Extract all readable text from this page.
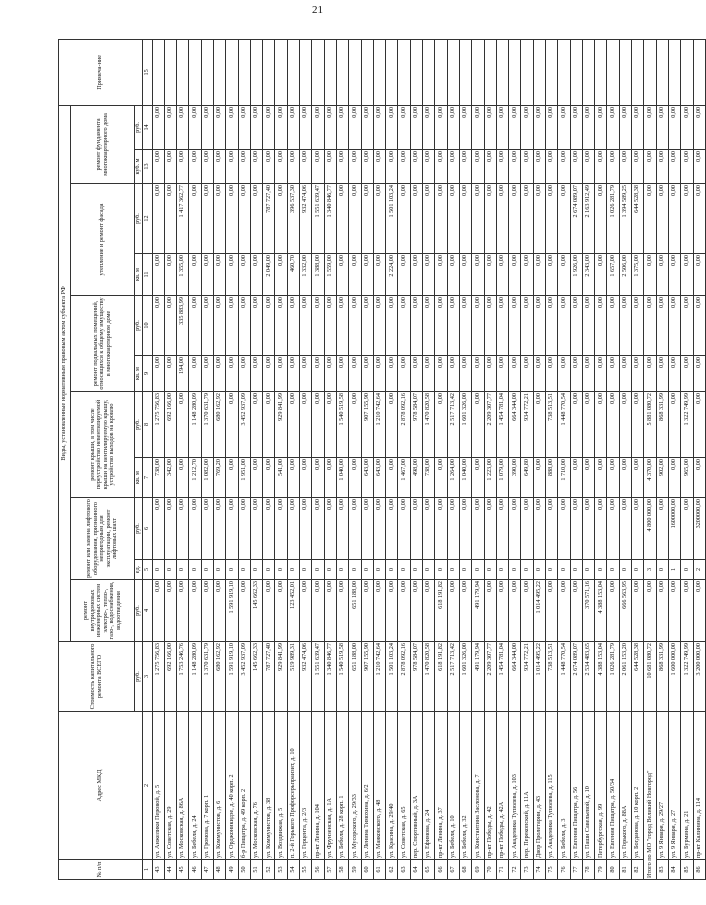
21
№ п/п	Адрес МКД	Стоимость капитального ремонта ВСЕГО	Виды, установленные нормативным правовым актом субъекта РФ											Примеча-ние
			ремонт внутридомовых инженерных систем электро-, тепло-, газо-, водоснабжения, водоотведения	ремонт или замена лифтового оборудования, признанного непригодным для эксплуатации, ремонт лифтовых шахт		ремонт крыши, в том числе переустройство невентилируемой крыши на вентилируемую крышу, устройство выходов на кровлю		ремонт подвальных помещений, относящихся к общему имуществу в многоквартирном доме		утепление и ремонт фасада		ремонт фундамента многоквартирного дома		
		руб.	руб.	ед.	руб.	кв. м	руб.	кв. м	руб.	кв. м	руб.	куб. м	руб.	
1	2	3	4	5	6	7	8	9	10	11	12	13	14	15
43	ул. Анжелики Перовой, д. 5	1 275 756,83	0,00	0	0,00	738,00	1 275 756,83	0,00	0,00	0,00	0,00	0,00	0,00	
44	ул. Советская, д. 29	692 166,00	0,00	0	0,00	342,00	692 166,00	0,00	0,00	0,00	0,00	0,00	0,00	
45	ул. Московская, д. 86А	1 753 246,76	0,00	0	0,00	0,00	0,00	194,00	335 883,99	1 355,00	1 417 362,77	0,00	0,00	
46	ул. Бебеля, д. 24	1 148 280,09	0,00	0	0,00	1 212,70	1 148 280,09	0,00	0,00	0,00	0,00	0,00	0,00	
47	ул. Громова, д. 7 корп. 1	1 370 631,79	0,00	0	0,00	1 082,00	1 370 631,79	0,00	0,00	0,00	0,00	0,00	0,00	
48	ул. Коммунистов, д. 6	680 162,92	0,00	0	0,00	769,20	680 162,92	0,00	0,00	0,00	0,00	0,00	0,00	
49	ул. Орджоникидзе, д. 40 корп. 2	1 591 919,10	1 591 919,10	0	0,00	0,00	0,00	0,00	0,00	0,00	0,00	0,00	0,00	
50	б-р Пищатра, д. 49 корп. 2	3 452 937,09	0,00	0	0,00	1 951,00	3 452 937,09	0,00	0,00	0,00	0,00	0,00	0,00	
51	ул. Московская, д. 76	145 662,33	145 662,33	0	0,00	0,00	0,00	0,00	0,00	0,00	0,00	0,00	0,00	
52	ул. Коммунистов, д. 38	787 727,40	0,00	0	0,00	0,00	0,00	0,00	0,00	2 049,00	787 727,40	0,00	0,00	
53	ул. Воздвижая, д. 5	929 841,99	0,00	0	0,00	541,00	929 841,99	0,00	0,00	0,00	0,00	0,00	0,00	
54	п. 2-й Горького Профорсерьпраизит, д. 10	519 989,31	123 452,01	0	0,00	0,00	0,00	0,00	0,00	460,70	396 537,30	0,00	0,00	
55	ул. Герцента, д. 2/3	932 474,06	0,00	0	0,00	0,00	0,00	0,00	0,00	1 332,00	932 474,06	0,00	0,00	
56	пр-кт Ленина, д. 104	1 551 639,47	0,00	0	0,00	0,00	0,00	0,00	0,00	1 388,00	1 551 639,47	0,00	0,00	
57	ул. Фрунзенская, д. 1А	1 340 846,77	0,00	0	0,00	0,00	0,00	0,00	0,00	1 559,00	1 340 846,77	0,00	0,00	
58	ул. Бебеля, д. 28 корп. 1	1 540 519,58	0,00	0	0,00	1 040,00	1 540 519,58	0,00	0,00	0,00	0,00	0,00	0,00	
59	ул. Мусорского, д. 29/33	651 188,00	651 188,00	0	0,00	0,00	0,00	0,00	0,00	0,00	0,00	0,00	0,00	
60	ул. Ленина Тимохина, д. 6/2	907 155,90	0,00	0	0,00	643,00	907 155,90	0,00	0,00	0,00	0,00	0,00	0,00	
61	ул. Маяковского, д. 48	1 210 742,64	0,00	0	0,00	643,00	1 210 742,64	0,00	0,00	0,00	0,00	0,00	0,00	
62	ул. Красина, д. 29/40	1 501 103,24	0,00	0	0,00	0,00	0,00	0,00	0,00	2 224,00	1 501 103,24	0,00	0,00	
63	ул. Советская, д. 65	2 878 092,16	0,00	0	0,00	1 467,00	2 878 092,16	0,00	0,00	0,00	0,00	0,00	0,00	
64	пер. Спортивный, д. 3А	978 584,07	0,00	0	0,00	498,00	978 584,07	0,00	0,00	0,00	0,00	0,00	0,00	
65	ул. Ефимова, д. 24	1 470 820,58	0,00	0	0,00	738,00	1 470 820,58	0,00	0,00	0,00	0,00	0,00	0,00	
66	пр-кт Ленина, д. 37	618 191,82	618 191,82	0	0,00	0,00	0,00	0,00	0,00	0,00	0,00	0,00	0,00	
67	ул. Бебеля, д. 10	2 517 713,42	0,00	0	0,00	1 264,00	2 517 713,42	0,00	0,00	0,00	0,00	0,00	0,00	
68	ул. Бебеля, д. 32	1 601 326,00	0,00	0	0,00	1 040,00	1 601 326,00	0,00	0,00	0,00	0,00	0,00	0,00	
69	ул. Константина Заслонова, д. 7	491 179,94	491 179,94	0	0,00	0,00	0,00	0,00	0,00	0,00	0,00	0,00	0,00	
70	пр-кт Победы, д. 42	2 209 307,77	0,00	0	0,00	1 223,00	2 209 307,77	0,00	0,00	0,00	0,00	0,00	0,00	
71	пр-кт Победы, д. 42А	1 454 781,04	0,00	0	0,00	1 079,00	1 454 781,04	0,00	0,00	0,00	0,00	0,00	0,00	
72	ул. Академика Тупюлева, д. 103	664 344,00	0,00	0	0,00	390,00	664 344,00	0,00	0,00	0,00	0,00	0,00	0,00	
73	пер. Перекопский, д. 11А	934 772,21	0,00	0	0,00	649,80	934 772,21	0,00	0,00	0,00	0,00	0,00	0,00	
74	Двор Пролетарии, д. 43	1 014 495,22	1 014 495,22	0	0,00	0,00	0,00	0,00	0,00	0,00	0,00	0,00	0,00	
75	ул. Академика Тупюлева, д. 115	738 513,51	0,00	0	0,00	888,00	738 513,51	0,00	0,00	0,00	0,00	0,00	0,00	
76	ул. Бебеля, д. 3	1 448 770,54	0,00	0	0,00	1 710,00	1 448 770,54	0,00	0,00	0,00	0,00	0,00	0,00	
77	ул. Евгения Пищатра, д. 56	2 674 089,07	0,00	0	0,00	0,00	0,00	0,00	0,00	1 926,00	2 674 089,07	0,00	0,00	
78	ул. Паши Савельевой, д. 10	2 534 483,65	370 571,16	0	0,00	0,00	0,00	0,00	0,00	2 343,00	2 163 912,49	0,00	0,00	
79	Петербургская, д. 99	4 388 153,04	4 388 153,04	0	0,00	0,00	0,00	0,00	0,00	0,00	0,00	0,00	0,00	
80	ул. Евгения Пищатра, д. 50/34	1 026 281,79	0,00	0	0,00	0,00	0,00	0,00	0,00	1 657,00	1 026 281,79	0,00	0,00	
81	ул. Горького, д. 88А	2 061 153,20	666 563,95	0	0,00	0,00	0,00	0,00	0,00	2 506,00	1 394 589,25	0,00	0,00	
82	ул. Богданова, д. 10 корп. 2	644 528,38	0,00	0	0,00	0,00	0,00	0,00	0,00	1 375,00	644 528,38	0,00	0,00	
Итого по МО "город Великий Новгород"		10 681 080,72	0,00	3	4 800 000,00	4 370,00	5 881 080,72	0,00	0,00	0,00	0,00	0,00	0,00	
83	ул. 9 Января, д. 29/27	868 331,99	0,00	0	0,00	902,00	868 331,99	0,00	0,00	0,00	0,00	0,00	0,00	
84	ул. 9 Января, д. 27	1 600 000,00	0,00	1	1600000,00	0,00	0,00	0,00	0,00	0,00	0,00	0,00	0,00	
85	ул. Бурмина, д. 21	1 322 749,99	0,00	0	0,00	965,00	1 322 749,99	0,00	0,00	0,00	0,00	0,00	0,00	
86	пр-кт Калинина, д. 114	3 200 000,00	0,00	2	3200000,00	0,00	0,00	0,00	0,00	0,00	0,00	0,00	0,00	
